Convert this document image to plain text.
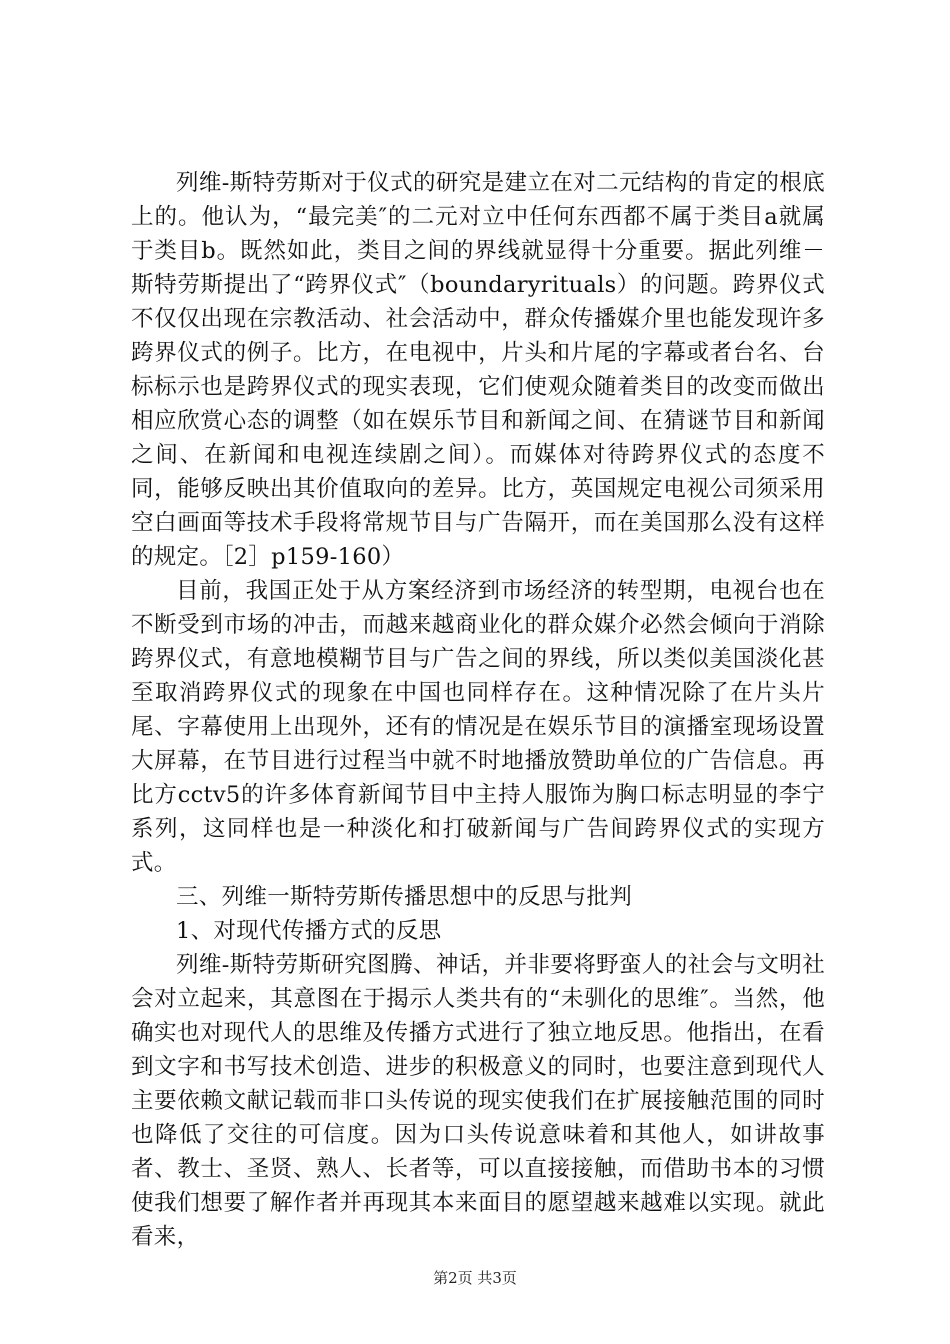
列维-斯特劳斯对于仪式的研究是建立在对二元结构的肯定的根底上的。他认为，“最完美″的二元对立中任何东西都不属于类目a就属于类目b。既然如此，类目之间的界线就显得十分重要。据此列维－斯特劳斯提出了“跨界仪式″（boundaryrituals）的问题。跨界仪式不仅仅出现在宗教活动、社会活动中，群众传播媒介里也能发现许多跨界仪式的例子。比方，在电视中，片头和片尾的字幕或者台名、台标标示也是跨界仪式的现实表现，它们使观众随着类目的改变而做出相应欣赏心态的调整（如在娱乐节目和新闻之间、在猜谜节目和新闻之间、在新闻和电视连续剧之间）。而媒体对待跨界仪式的态度不同，能够反映出其价值取向的差异。比方，英国规定电视公司须采用空白画面等技术手段将常规节目与广告隔开，而在美国那么没有这样的规定。［2］p159-160）

目前，我国正处于从方案经济到市场经济的转型期，电视台也在不断受到市场的冲击，而越来越商业化的群众媒介必然会倾向于消除跨界仪式，有意地模糊节目与广告之间的界线，所以类似美国淡化甚至取消跨界仪式的现象在中国也同样存在。这种情况除了在片头片尾、字幕使用上出现外，还有的情况是在娱乐节目的演播室现场设置大屏幕，在节目进行过程当中就不时地播放赞助单位的广告信息。再比方cctv5的许多体育新闻节目中主持人服饰为胸口标志明显的李宁系列，这同样也是一种淡化和打破新闻与广告间跨界仪式的实现方式。

三、列维一斯特劳斯传播思想中的反思与批判

1、对现代传播方式的反思

列维-斯特劳斯研究图腾、神话，并非要将野蛮人的社会与文明社会对立起来，其意图在于揭示人类共有的“未驯化的思维″。当然，他确实也对现代人的思维及传播方式进行了独立地反思。他指出，在看到文字和书写技术创造、进步的积极意义的同时，也要注意到现代人主要依赖文献记载而非口头传说的现实使我们在扩展接触范围的同时也降低了交往的可信度。因为口头传说意味着和其他人，如讲故事者、教士、圣贤、熟人、长者等，可以直接接触，而借助书本的习惯使我们想要了解作者并再现其本来面目的愿望越来越难以实现。就此看来，

第2页 共3页
